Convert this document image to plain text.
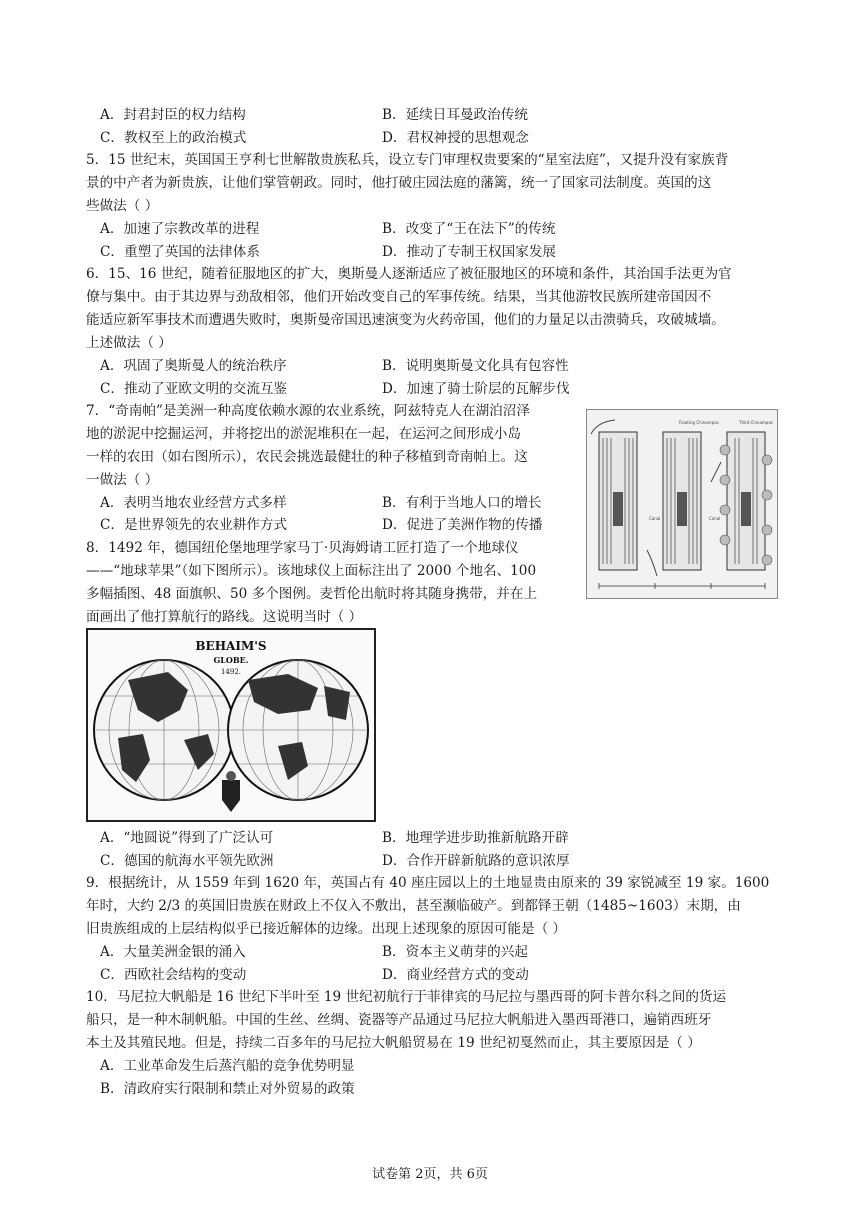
A．封君封臣的权力结构	B．延续日耳曼政治传统
C．教权至上的政治模式	D．君权神授的思想观念
5．15 世纪末，英国国王亨利七世解散贵族私兵，设立专门审理权贵要案的“星室法庭”，又提升没有家族背
景的中产者为新贵族，让他们掌管朝政。同时，他打破庄园法庭的藩篱，统一了国家司法制度。英国的这
些做法（ ）
A．加速了宗教改革的进程	B．改变了“王在法下”的传统
C．重塑了英国的法律体系	D．推动了专制王权国家发展
6．15、16 世纪，随着征服地区的扩大，奥斯曼人逐渐适应了被征服地区的环境和条件，其治国手法更为官
僚与集中。由于其边界与劲敌相邻，他们开始改变自己的军事传统。结果，当其他游牧民族所建帝国因不
能适应新军事技术而遭遇失败时，奥斯曼帝国迅速演变为火药帝国，他们的力量足以击溃骑兵，攻破城墙。
上述做法（ ）
A．巩固了奥斯曼人的统治秩序	B．说明奥斯曼文化具有包容性
C．推动了亚欧文明的交流互鉴	D．加速了骑士阶层的瓦解步伐
7．“奇南帕”是美洲一种高度依赖水源的农业系统，阿兹特克人在湖泊沼泽
地的淤泥中挖掘运河，并将挖出的淤泥堆积在一起，在运河之间形成小岛
一样的农田（如右图所示），农民会挑选最健壮的种子移植到奇南帕上。这
一做法（ ）
A．表明当地农业经营方式多样	B．有利于当地人口的增长
C．是世界领先的农业耕作方式	D．促进了美洲作物的传播
Floating Chinampas	Third Chinampas
Canal	Canal
8．1492 年，德国纽伦堡地理学家马丁·贝海姆请工匠打造了一个地球仪
——“地球苹果”（如下图所示）。该地球仪上面标注出了 2000 个地名、100
多幅插图、48 面旗帜、50 多个图例。麦哲伦出航时将其随身携带，并在上
面画出了他打算航行的路线。这说明当时（ ）
BEHAIM'S
GLOBE.
1492.
A．“地圆说”得到了广泛认可	B．地理学进步助推新航路开辟
C．德国的航海水平领先欧洲	D．合作开辟新航路的意识浓厚
9．根据统计，从 1559 年到 1620 年，英国占有 40 座庄园以上的土地显贵由原来的 39 家锐减至 19 家。1600
年时，大约 2/3 的英国旧贵族在财政上不仅入不敷出，甚至濒临破产。到都铎王朝（1485~1603）末期，由
旧贵族组成的上层结构似乎已接近解体的边缘。出现上述现象的原因可能是（ ）
A．大量美洲金银的涌入	B．资本主义萌芽的兴起
C．西欧社会结构的变动	D．商业经营方式的变动
10．马尼拉大帆船是 16 世纪下半叶至 19 世纪初航行于菲律宾的马尼拉与墨西哥的阿卡普尔科之间的货运
船只，是一种木制帆船。中国的生丝、丝绸、瓷器等产品通过马尼拉大帆船进入墨西哥港口，遍销西班牙
本土及其殖民地。但是，持续二百多年的马尼拉大帆船贸易在 19 世纪初戛然而止，其主要原因是（ ）
A．工业革命发生后蒸汽船的竞争优势明显
B．清政府实行限制和禁止对外贸易的政策
试卷第 2页，共 6页
